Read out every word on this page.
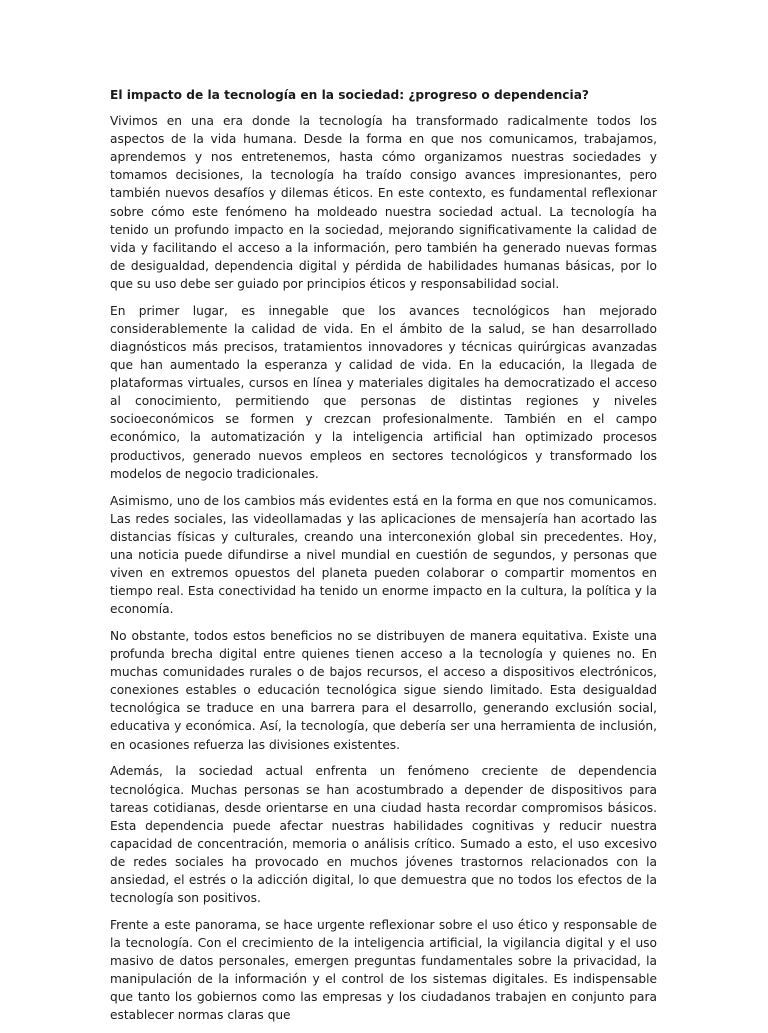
El impacto de la tecnología en la sociedad: ¿progreso o dependencia?

Vivimos en una era donde la tecnología ha transformado radicalmente todos los aspectos de la vida humana. Desde la forma en que nos comunicamos, trabajamos, aprendemos y nos entretenemos, hasta cómo organizamos nuestras sociedades y tomamos decisiones, la tecnología ha traído consigo avances impresionantes, pero también nuevos desafíos y dilemas éticos. En este contexto, es fundamental reflexionar sobre cómo este fenómeno ha moldeado nuestra sociedad actual. La tecnología ha tenido un profundo impacto en la sociedad, mejorando significativamente la calidad de vida y facilitando el acceso a la información, pero también ha generado nuevas formas de desigualdad, dependencia digital y pérdida de habilidades humanas básicas, por lo que su uso debe ser guiado por principios éticos y responsabilidad social.

En primer lugar, es innegable que los avances tecnológicos han mejorado considerablemente la calidad de vida. En el ámbito de la salud, se han desarrollado diagnósticos más precisos, tratamientos innovadores y técnicas quirúrgicas avanzadas que han aumentado la esperanza y calidad de vida. En la educación, la llegada de plataformas virtuales, cursos en línea y materiales digitales ha democratizado el acceso al conocimiento, permitiendo que personas de distintas regiones y niveles socioeconómicos se formen y crezcan profesionalmente. También en el campo económico, la automatización y la inteligencia artificial han optimizado procesos productivos, generado nuevos empleos en sectores tecnológicos y transformado los modelos de negocio tradicionales.

Asimismo, uno de los cambios más evidentes está en la forma en que nos comunicamos. Las redes sociales, las videollamadas y las aplicaciones de mensajería han acortado las distancias físicas y culturales, creando una interconexión global sin precedentes. Hoy, una noticia puede difundirse a nivel mundial en cuestión de segundos, y personas que viven en extremos opuestos del planeta pueden colaborar o compartir momentos en tiempo real. Esta conectividad ha tenido un enorme impacto en la cultura, la política y la economía.

No obstante, todos estos beneficios no se distribuyen de manera equitativa. Existe una profunda brecha digital entre quienes tienen acceso a la tecnología y quienes no. En muchas comunidades rurales o de bajos recursos, el acceso a dispositivos electrónicos, conexiones estables o educación tecnológica sigue siendo limitado. Esta desigualdad tecnológica se traduce en una barrera para el desarrollo, generando exclusión social, educativa y económica. Así, la tecnología, que debería ser una herramienta de inclusión, en ocasiones refuerza las divisiones existentes.

Además, la sociedad actual enfrenta un fenómeno creciente de dependencia tecnológica. Muchas personas se han acostumbrado a depender de dispositivos para tareas cotidianas, desde orientarse en una ciudad hasta recordar compromisos básicos. Esta dependencia puede afectar nuestras habilidades cognitivas y reducir nuestra capacidad de concentración, memoria o análisis crítico. Sumado a esto, el uso excesivo de redes sociales ha provocado en muchos jóvenes trastornos relacionados con la ansiedad, el estrés o la adicción digital, lo que demuestra que no todos los efectos de la tecnología son positivos.

Frente a este panorama, se hace urgente reflexionar sobre el uso ético y responsable de la tecnología. Con el crecimiento de la inteligencia artificial, la vigilancia digital y el uso masivo de datos personales, emergen preguntas fundamentales sobre la privacidad, la manipulación de la información y el control de los sistemas digitales. Es indispensable que tanto los gobiernos como las empresas y los ciudadanos trabajen en conjunto para establecer normas claras que
